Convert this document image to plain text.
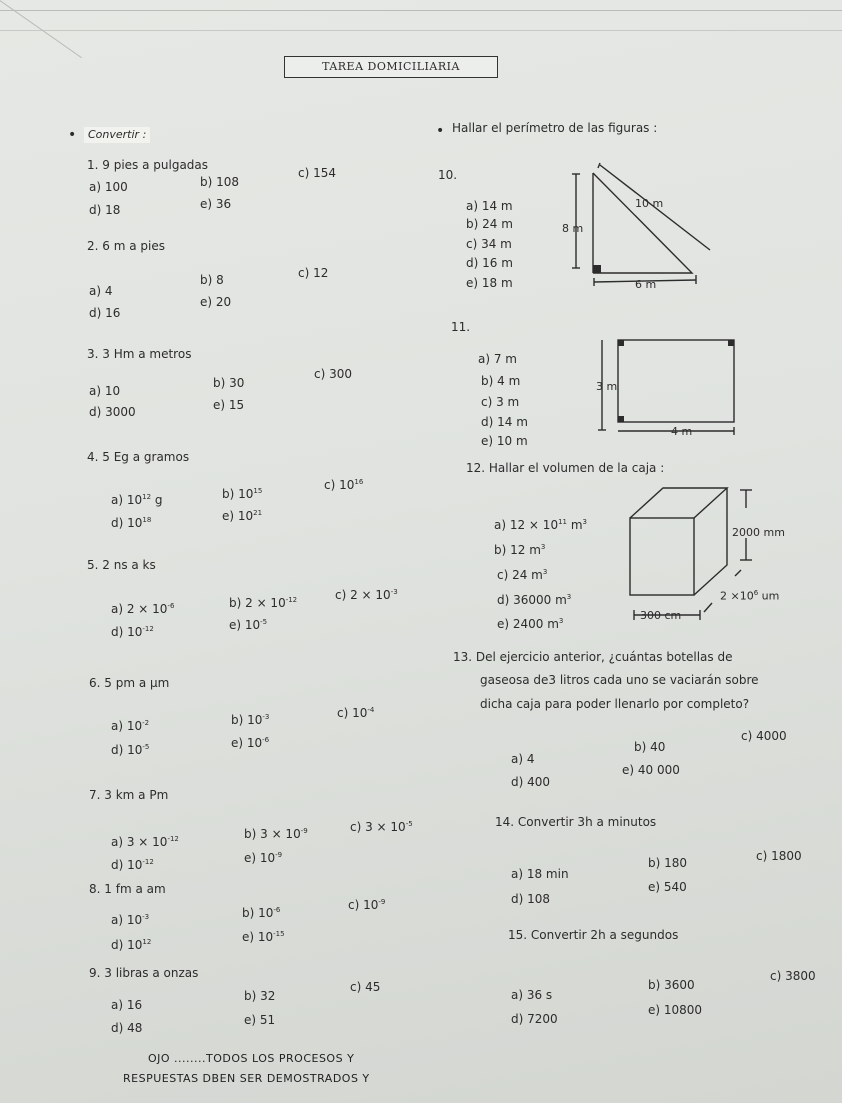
TAREA DOMICILIARIA
•	Convertir :	• Hallar el perímetro de las figuras :
1. 9 pies a pulgadas
a) 100	b) 108
c) 154
d) 18	e) 36
2. 6 m a pies
a) 4
b) 8	c) 12
d) 16
e) 20
3. 3 Hm a metros
a) 10
b) 30
c) 300
d) 3000	e) 15
4. 5 Eg a gramos
a) $10^{12}$ g	b) $10^{15}$	c) $10^{16}$
d) $10^{18}$	e) $10^{21}$
5. 2 ns a ks
a) $2 \times 10^{-6}$	b) $2 \times 10^{-12}$	c) $2 \times 10^{-3}$
d) $10^{-12}$	e) $10^{-5}$
6. 5 pm a μm
a) $10^{-2}$	b) $10^{-3}$	c) $10^{-4}$
d) $10^{-5}$	e) $10^{-6}$
7. 3 km a Pm
a) $3 \times 10^{-12}$	b) $3 \times 10^{-9}$	c) $3 \times 10^{-5}$
d) $10^{-12}$	e) $10^{-9}$
8. 1 fm a am
a) $10^{-3}$	b) $10^{-6}$	c) $10^{-9}$
d) $10^{12}$	e) $10^{-15}$
9. 3 libras a onzas
a) 16
b) 32
c) 45
d) 48
e) 51
10.
a) 14 m
b) 24 m
c) 34 m
d) 16 m
e) 18 m
10 m
8 m
6 m
11.
a) 7 m
b) 4 m
c) 3 m
d) 14 m
e) 10 m
3 m
4 m
12. Hallar el volumen de la caja :
a) $12 \times 10^{11}$ $m^3$
b) 12 $m^3$
c) 24 $m^3$
d) 36000 $m^3$
e) 2400 $m^3$
2000 mm
$2 \times 10^6$ um
300 cm
13. Del ejercicio anterior, ¿cuántas botellas de
gaseosa de3 litros cada uno se vaciarán sobre
dicha caja para poder llenarlo por completo?
a) 4
b) 40
c) 4000
d) 400
e) 40 000
14. Convertir 3h a minutos
a) 18 min
b) 180	c) 1800
d) 108
e) 540
15. Convertir 2h a segundos
a) 36 s
b) 3600
c) 3800
d) 7200
e) 10800
OJO ........TODOS LOS PROCESOS Y
RESPUESTAS DBEN SER DEMOSTRADOS Y
